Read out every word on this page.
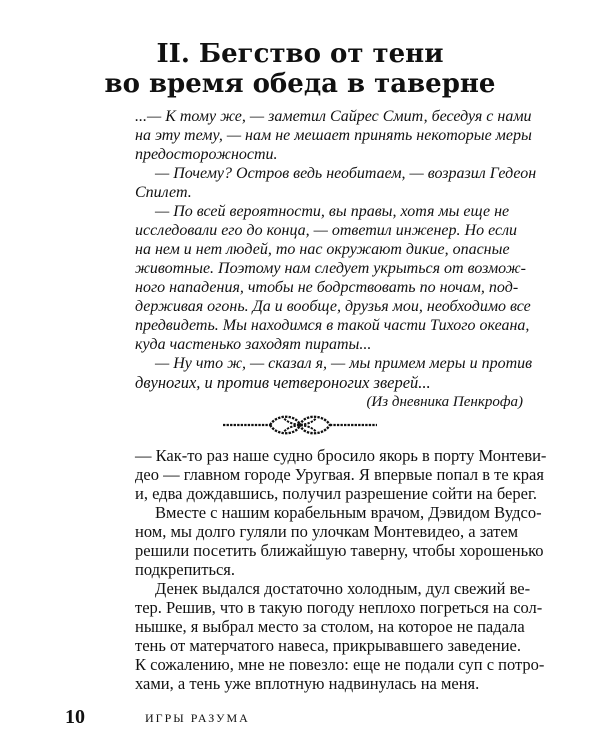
II. Бегство от тени
во время обеда в таверне
...— К тому же, — заметил Сайрес Смит, беседуя с нами
на эту тему, — нам не мешает принять некоторые меры
предосторожности.
— Почему? Остров ведь необитаем, — возразил Гедеон
Спилет.
— По всей вероятности, вы правы, хотя мы еще не
исследовали его до конца, — ответил инженер. Но если
на нем и нет людей, то нас окружают дикие, опасные
животные. Поэтому нам следует укрыться от возмож-
ного нападения, чтобы не бодрствовать по ночам, под-
держивая огонь. Да и вообще, друзья мои, необходимо все
предвидеть. Мы находимся в такой части Тихого океана,
куда частенько заходят пираты...
— Ну что ж, — сказал я, — мы примем меры и против
— Как-то раз наше судно бросило якорь в порту Монтеви-
део — главном городе Уругвая. Я впервые попал в те края
и, едва дождавшись, получил разрешение сойти на берег.
Вместе с нашим корабельным врачом, Дэвидом Вудсо-
ном, мы долго гуляли по улочкам Монтевидео, а затем
решили посетить ближайшую таверну, чтобы хорошенько
подкрепиться.
Денек выдался достаточно холодным, дул свежий ве-
тер. Решив, что в такую погоду неплохо погреться на сол-
нышке, я выбрал место за столом, на которое не падала
тень от матерчатого навеса, прикрывавшего заведение.
К сожалению, мне не повезло: еще не подали суп с потро-
хами, а тень уже вплотную надвинулась на меня.
10	ИГРЫ РАЗУМА
(Из дневника Пенкрофа)
двуногих, и против четвероногих зверей...
